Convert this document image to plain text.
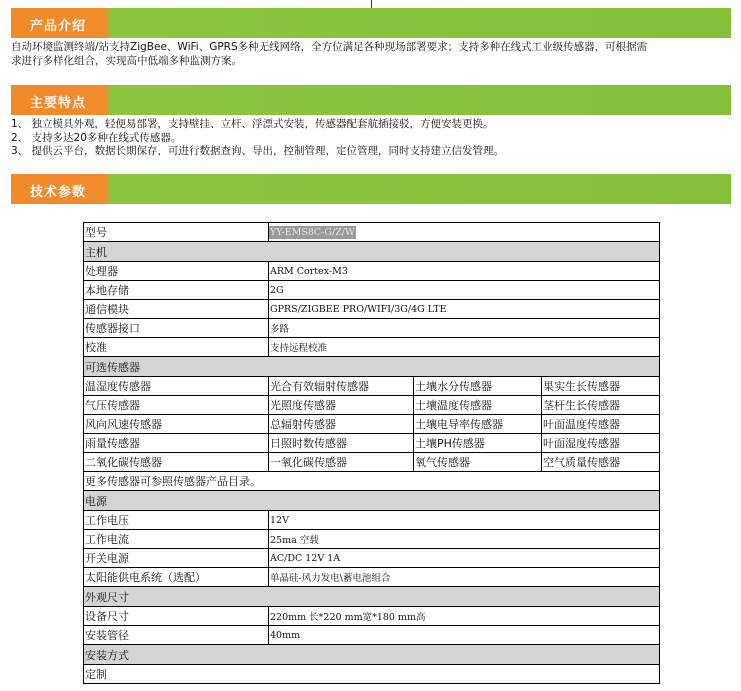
产品介绍
自动环境监测终端/站支持ZigBee、WiFi、GPRS多种无线网络，全方位满足各种现场部署要求；支持多种在线式工业级传感器，可根据需
求进行多样化组合，实现高中低端多种监测方案。
主要特点
1、 独立模具外观，轻便易部署，支持壁挂、立杆、浮漂式安装，传感器配套航插接驳，方便安装更换。
2、 支持多达20多种在线式传感器。
3、 提供云平台，数据长期保存，可进行数据查询、导出，控制管理，定位管理，同时支持建立信发管理。
技术参数
型号	YY-EMS8C-G/Z/W		
主机			
处理器	ARM Cortex-M3		
本地存储	2G		
通信模块	GPRS/ZIGBEE PRO/WIFI/3G/4G LTE		
传感器接口	多路		
校准	支持远程校准		
可选传感器			
温湿度传感器	光合有效辐射传感器	土壤水分传感器	果实生长传感器
气压传感器	光照度传感器	土壤温度传感器	茎杆生长传感器
风向风速传感器	总辐射传感器	土壤电导率传感器	叶面温度传感器
雨量传感器	日照时数传感器	土壤PH传感器	叶面湿度传感器
二氧化碳传感器	一氧化碳传感器	氧气传感器	空气质量传感器
更多传感器可参照传感器产品目录。			
电源			
工作电压	12V		
工作电流	25ma 空载		
开关电源	AC/DC 12V 1A		
太阳能供电系统（选配）	单晶硅-风力发电\蓄电池组合		
外观尺寸			
设备尺寸	220mm 长*220 mm宽*180 mm高		
安装管径	40mm		
安装方式			
定制			
